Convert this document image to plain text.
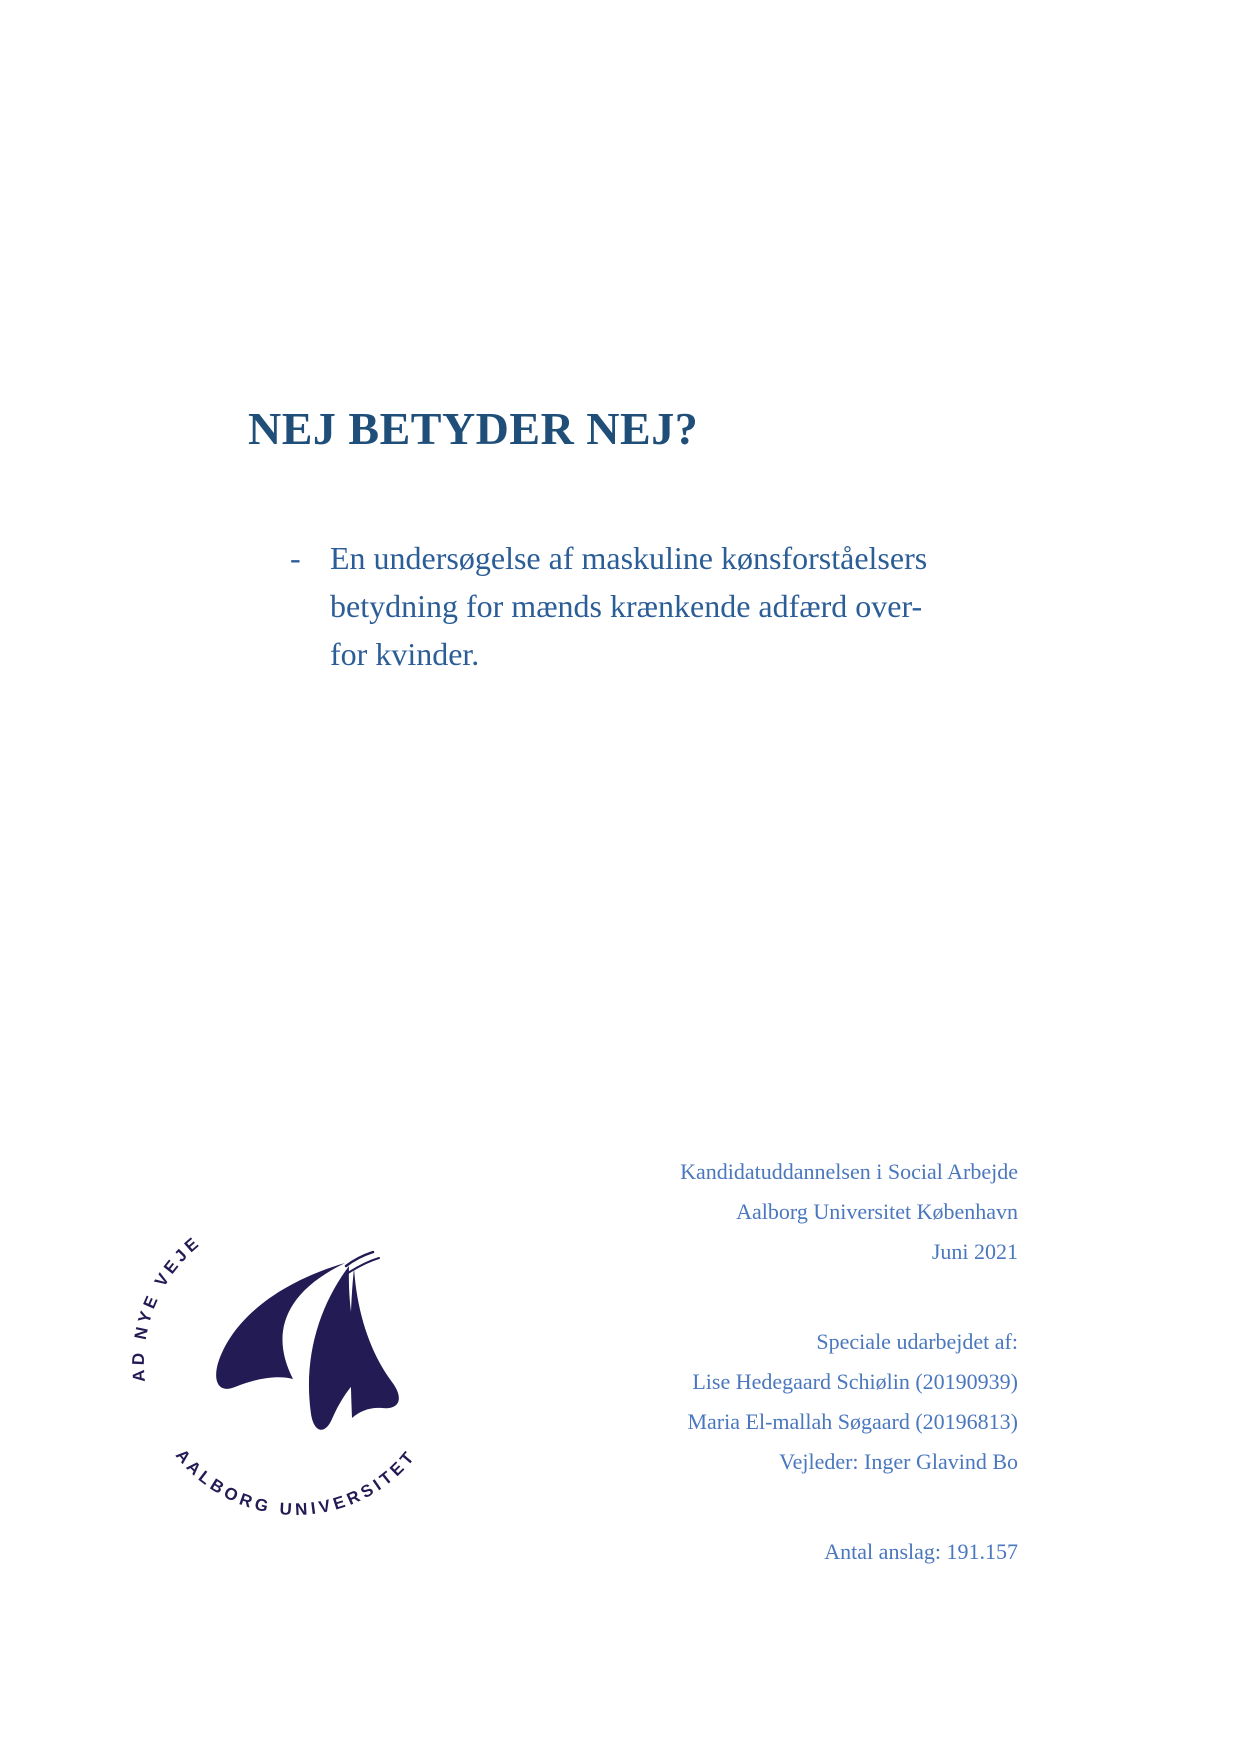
NEJ BETYDER NEJ?
- En undersøgelse af maskuline kønsforståelsers
betydning for mænds krænkende adfærd over-
for kvinder.
Kandidatuddannelsen i Social Arbejde
Aalborg Universitet København
Juni 2021
Speciale udarbejdet af:
Lise Hedegaard Schiølin (20190939)
Maria El-mallah Søgaard (20196813)
Vejleder: Inger Glavind Bo
Antal anslag: 191.157
AD NYE VEJE
AALBORG UNIVERSITET
